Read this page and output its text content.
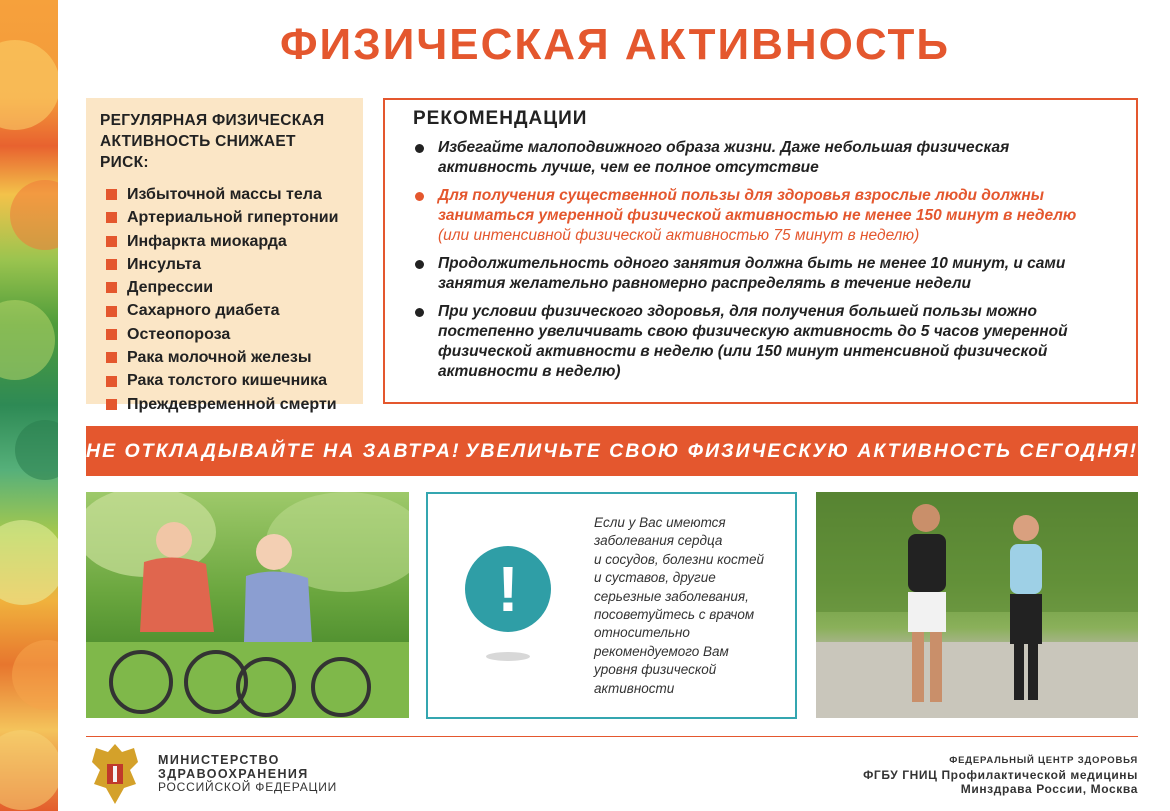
ФИЗИЧЕСКАЯ АКТИВНОСТЬ
РЕГУЛЯРНАЯ ФИЗИЧЕСКАЯ АКТИВНОСТЬ СНИЖАЕТ РИСК:
Избыточной массы тела
Артериальной гипертонии
Инфаркта миокарда
Инсульта
Депрессии
Сахарного диабета
Остеопороза
Рака молочной железы
Рака толстого кишечника
Преждевременной смерти
РЕКОМЕНДАЦИИ
Избегайте малоподвижного образа жизни. Даже небольшая физическая активность лучше, чем ее полное отсутствие
Для получения существенной пользы для здоровья взрослые люди должны заниматься умеренной физической активностью не менее 150 минут в неделю
(или интенсивной физической активностью 75 минут в неделю)
Продолжительность одного занятия должна быть не менее 10 минут, и сами занятия желательно равномерно распределять в течение недели
При условии физического здоровья, для получения большей пользы можно постепенно увеличивать свою физическую активность до 5 часов умеренной физической активности в неделю (или 150 минут интенсивной физической активности в неделю)
НЕ ОТКЛАДЫВАЙТЕ НА ЗАВТРА! УВЕЛИЧЬТЕ СВОЮ ФИЗИЧЕСКУЮ АКТИВНОСТЬ СЕГОДНЯ!
!
Если у Вас имеются
заболевания сердца
и сосудов, болезни костей
и суставов, другие
серьезные заболевания,
посоветуйтесь с врачом
относительно
рекомендуемого Вам
уровня физической
активности
МИНИСТЕРСТВО
ЗДРАВООХРАНЕНИЯ
РОССИЙСКОЙ ФЕДЕРАЦИИ
ФЕДЕРАЛЬНЫЙ ЦЕНТР ЗДОРОВЬЯ
ФГБУ ГНИЦ Профилактической медицины
Минздрава России, Москва
